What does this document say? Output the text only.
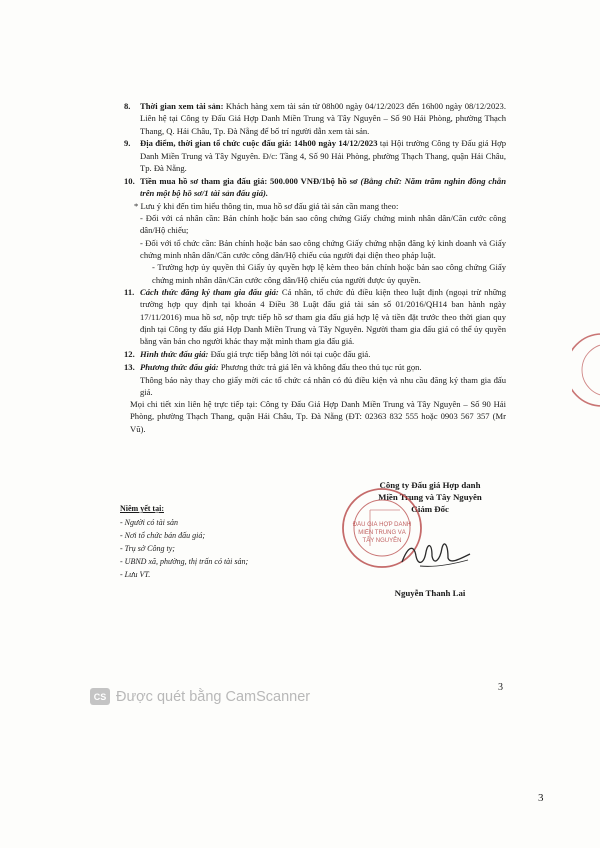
8. Thời gian xem tài sản: Khách hàng xem tài sản từ 08h00 ngày 04/12/2023 đến 16h00 ngày 08/12/2023. Liên hệ tại Công ty Đấu Giá Hợp Danh Miền Trung và Tây Nguyên – Số 90 Hải Phòng, phường Thạch Thang, Q. Hải Châu, Tp. Đà Nẵng để bố trí người dẫn xem tài sản.
9. Địa điểm, thời gian tổ chức cuộc đấu giá: 14h00 ngày 14/12/2023 tại Hội trường Công ty Đấu giá Hợp Danh Miền Trung và Tây Nguyên. Đ/c: Tầng 4, Số 90 Hải Phòng, phường Thạch Thang, quận Hải Châu, Tp. Đà Nẵng.
10. Tiền mua hồ sơ tham gia đấu giá: 500.000 VNĐ/1bộ hồ sơ (Bằng chữ: Năm trăm nghìn đồng chẵn trên một bộ hồ sơ/1 tài sản đấu giá).
* Lưu ý khi đến tìm hiểu thông tin, mua hồ sơ đấu giá tài sản cần mang theo:
- Đối với cá nhân cần: Bản chính hoặc bản sao công chứng Giấy chứng minh nhân dân/Căn cước công dân/Hộ chiếu;
- Đối với tổ chức cần: Bản chính hoặc bản sao công chứng Giấy chứng nhận đăng ký kinh doanh và Giấy chứng minh nhân dân/Căn cước công dân/Hộ chiếu của người đại diện theo pháp luật.
- Trường hợp ủy quyền thì Giấy ủy quyền hợp lệ kèm theo bản chính hoặc bản sao công chứng Giấy chứng minh nhân dân/Căn cước công dân/Hộ chiếu của người được ủy quyền.
11. Cách thức đăng ký tham gia đấu giá: Cá nhân, tổ chức đủ điều kiện theo luật định (ngoại trừ những trường hợp quy định tại khoản 4 Điều 38 Luật đấu giá tài sản số 01/2016/QH14 ban hành ngày 17/11/2016) mua hồ sơ, nộp trực tiếp hồ sơ tham gia đấu giá hợp lệ và tiền đặt trước theo thời gian quy định tại Công ty đấu giá Hợp Danh Miền Trung và Tây Nguyên. Người tham gia đấu giá có thể ủy quyền bằng văn bản cho người khác thay mặt mình tham gia đấu giá.
12. Hình thức đấu giá: Đấu giá trực tiếp bằng lời nói tại cuộc đấu giá.
13. Phương thức đấu giá: Phương thức trả giá lên và không đấu theo thủ tục rút gọn.
Thông báo này thay cho giấy mời các tổ chức cá nhân có đủ điều kiện và nhu cầu đăng ký tham gia đấu giá.
Mọi chi tiết xin liên hệ trực tiếp tại: Công ty Đấu Giá Hợp Danh Miền Trung và Tây Nguyên – Số 90 Hải Phòng, phường Thạch Thang, quận Hải Châu, Tp. Đà Nẵng (ĐT: 02363 832 555 hoặc 0903 567 357 (Mr Vũ).
Niêm yết tại:
- Người có tài sản
- Nơi tổ chức bán đấu giá;
- Trụ sở Công ty;
- UBND xã, phường, thị trấn có tài sản;
- Lưu VT.
Công ty Đấu giá Hợp danh
Miền Trung và Tây Nguyên
Giám Đốc
ĐẤU GIÁ HỢP DANH
MIỀN TRUNG VÀ
TÂY NGUYÊN
Nguyễn Thanh Lai
CS Được quét bằng CamScanner
3
3
